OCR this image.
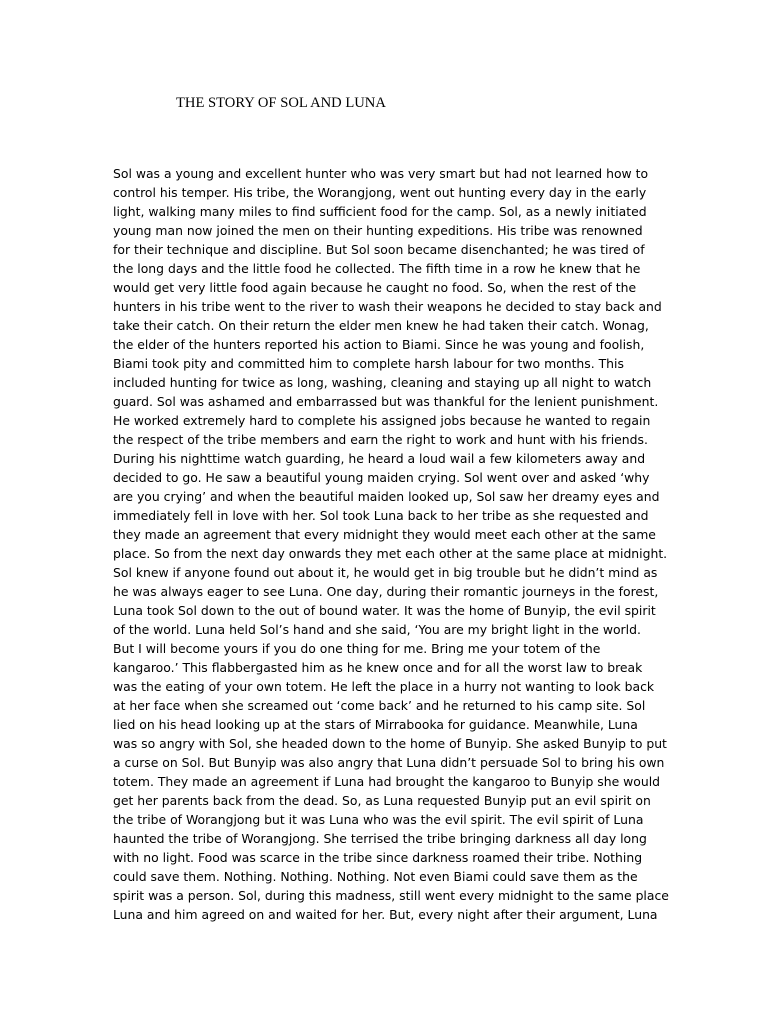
THE STORY OF SOL AND LUNA
Sol was a young and excellent hunter who was very smart but had not learned how to
control his temper. His tribe, the Worangjong, went out hunting every day in the early
light, walking many miles to find sufficient food for the camp. Sol, as a newly initiated
young man now joined the men on their hunting expeditions. His tribe was renowned
for their technique and discipline. But Sol soon became disenchanted; he was tired of
the long days and the little food he collected. The fifth time in a row he knew that he
would get very little food again because he caught no food. So, when the rest of the
hunters in his tribe went to the river to wash their weapons he decided to stay back and
take their catch. On their return the elder men knew he had taken their catch. Wonag,
the elder of the hunters reported his action to Biami. Since he was young and foolish,
Biami took pity and committed him to complete harsh labour for two months. This
included hunting for twice as long, washing, cleaning and staying up all night to watch
guard. Sol was ashamed and embarrassed but was thankful for the lenient punishment.
He worked extremely hard to complete his assigned jobs because he wanted to regain
the respect of the tribe members and earn the right to work and hunt with his friends.
During his nighttime watch guarding, he heard a loud wail a few kilometers away and
decided to go. He saw a beautiful young maiden crying. Sol went over and asked ‘why
are you crying’ and when the beautiful maiden looked up, Sol saw her dreamy eyes and
immediately fell in love with her. Sol took Luna back to her tribe as she requested and
they made an agreement that every midnight they would meet each other at the same
place. So from the next day onwards they met each other at the same place at midnight.
Sol knew if anyone found out about it, he would get in big trouble but he didn’t mind as
he was always eager to see Luna. One day, during their romantic journeys in the forest,
Luna took Sol down to the out of bound water. It was the home of Bunyip, the evil spirit
of the world. Luna held Sol’s hand and she said, ‘You are my bright light in the world.
But I will become yours if you do one thing for me. Bring me your totem of the
kangaroo.’ This flabbergasted him as he knew once and for all the worst law to break
was the eating of your own totem. He left the place in a hurry not wanting to look back
at her face when she screamed out ‘come back’ and he returned to his camp site. Sol
lied on his head looking up at the stars of Mirrabooka for guidance. Meanwhile, Luna
was so angry with Sol, she headed down to the home of Bunyip. She asked Bunyip to put
a curse on Sol. But Bunyip was also angry that Luna didn’t persuade Sol to bring his own
totem. They made an agreement if Luna had brought the kangaroo to Bunyip she would
get her parents back from the dead. So, as Luna requested Bunyip put an evil spirit on
the tribe of Worangjong but it was Luna who was the evil spirit. The evil spirit of Luna
haunted the tribe of Worangjong. She terrised the tribe bringing darkness all day long
with no light. Food was scarce in the tribe since darkness roamed their tribe. Nothing
could save them. Nothing. Nothing. Nothing. Not even Biami could save them as the
spirit was a person. Sol, during this madness, still went every midnight to the same place
Luna and him agreed on and waited for her. But, every night after their argument, Luna
